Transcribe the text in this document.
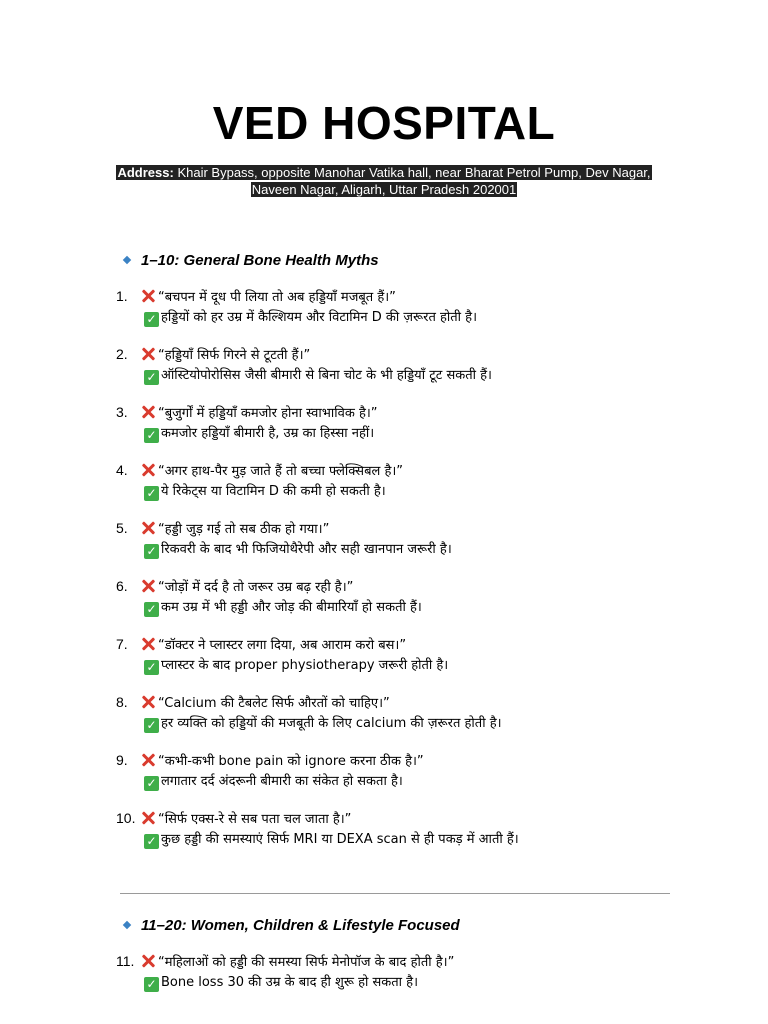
VED HOSPITAL
Address: Khair Bypass, opposite Manohar Vatika hall, near Bharat Petrol Pump, Dev Nagar,
Naveen Nagar, Aligarh, Uttar Pradesh 202001
1–10: General Bone Health Myths
1. “बचपन में दूध पी लिया तो अब हड्डियाँ मजबूत हैं।”
✓ हड्डियों को हर उम्र में कैल्शियम और विटामिन D की ज़रूरत होती है।
2. “हड्डियाँ सिर्फ गिरने से टूटती हैं।”
✓ ऑस्टियोपोरोसिस जैसी बीमारी से बिना चोट के भी हड्डियाँ टूट सकती हैं।
3. “बुजुर्गों में हड्डियाँ कमजोर होना स्वाभाविक है।”
✓ कमजोर हड्डियाँ बीमारी है, उम्र का हिस्सा नहीं।
4. “अगर हाथ-पैर मुड़ जाते हैं तो बच्चा फ्लेक्सिबल है।”
✓ ये रिकेट्स या विटामिन D की कमी हो सकती है।
5. “हड्डी जुड़ गई तो सब ठीक हो गया।”
✓ रिकवरी के बाद भी फिजियोथैरेपी और सही खानपान जरूरी है।
6. “जोड़ों में दर्द है तो जरूर उम्र बढ़ रही है।”
✓ कम उम्र में भी हड्डी और जोड़ की बीमारियाँ हो सकती हैं।
7. “डॉक्टर ने प्लास्टर लगा दिया, अब आराम करो बस।”
✓ प्लास्टर के बाद proper physiotherapy जरूरी होती है।
8. “Calcium की टैबलेट सिर्फ औरतों को चाहिए।”
✓ हर व्यक्ति को हड्डियों की मजबूती के लिए calcium की ज़रूरत होती है।
9. “कभी-कभी bone pain को ignore करना ठीक है।”
✓ लगातार दर्द अंदरूनी बीमारी का संकेत हो सकता है।
10. “सिर्फ एक्स-रे से सब पता चल जाता है।”
✓ कुछ हड्डी की समस्याएं सिर्फ MRI या DEXA scan से ही पकड़ में आती हैं।
11. “महिलाओं को हड्डी की समस्या सिर्फ मेनोपॉज के बाद होती है।”
✓ Bone loss 30 की उम्र के बाद ही शुरू हो सकता है।
11–20: Women, Children & Lifestyle Focused
